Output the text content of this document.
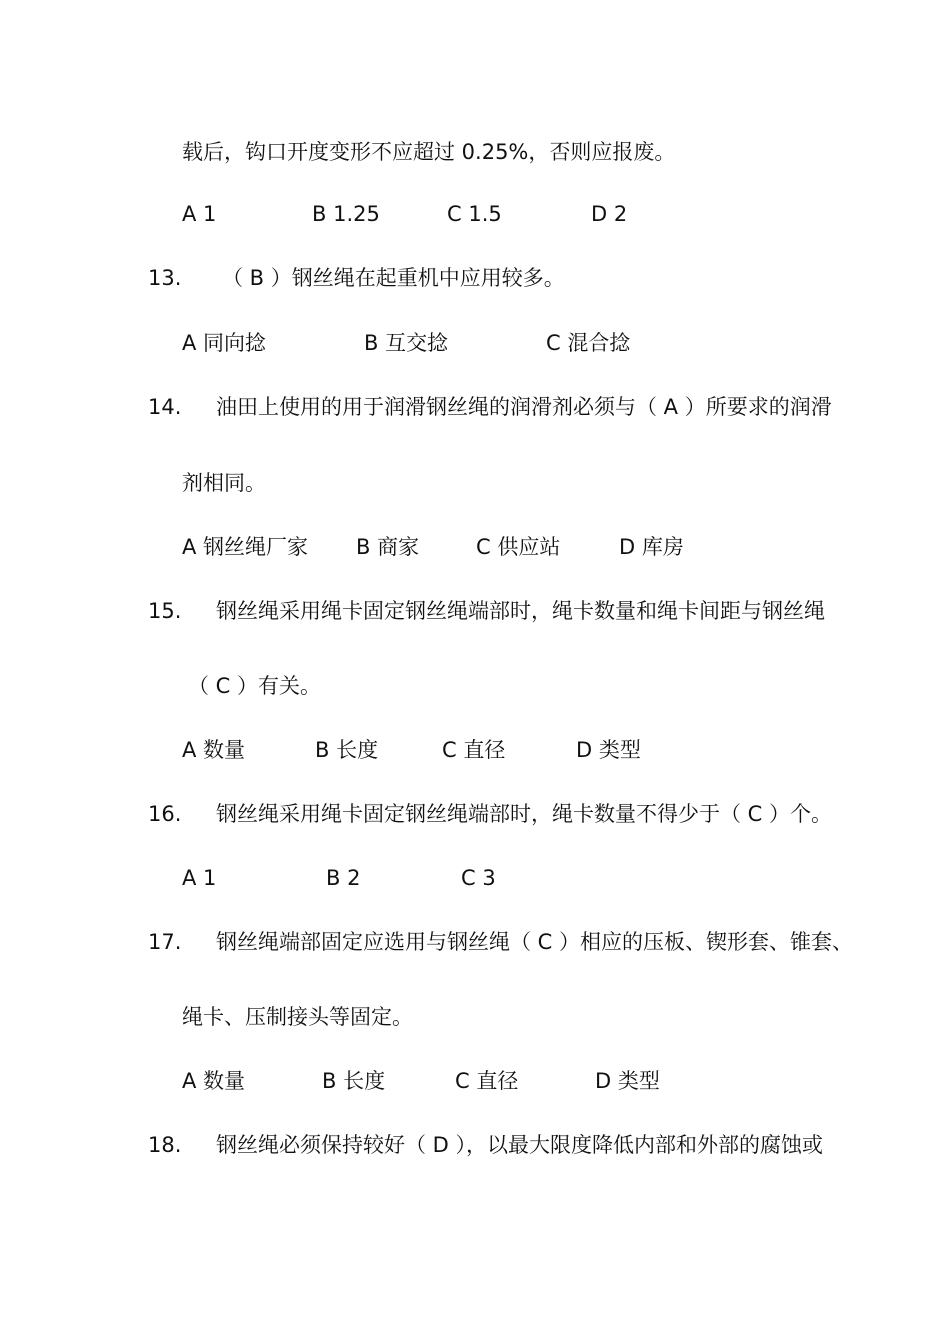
载后，钩口开度变形不应超过 0.25%，否则应报废。
A 1	B 1.25	C 1.5	D 2
13. （ B ）钢丝绳在起重机中应用较多。
A 同向捻	B 互交捻	C 混合捻
14. 油田上使用的用于润滑钢丝绳的润滑剂必须与（ A ）所要求的润滑
剂相同。
A 钢丝绳厂家 B 商家	C 供应站	D 库房
15. 钢丝绳采用绳卡固定钢丝绳端部时，绳卡数量和绳卡间距与钢丝绳
（ C ）有关。
A 数量	B 长度	C 直径	D 类型
16. 钢丝绳采用绳卡固定钢丝绳端部时，绳卡数量不得少于（ C ）个。
A 1	B 2	C 3
17. 钢丝绳端部固定应选用与钢丝绳（ C ）相应的压板、锲形套、锥套、
绳卡、压制接头等固定。
A 数量	B 长度	C 直径	D 类型
18. 钢丝绳必须保持较好（ D ），以最大限度降低内部和外部的腐蚀或
